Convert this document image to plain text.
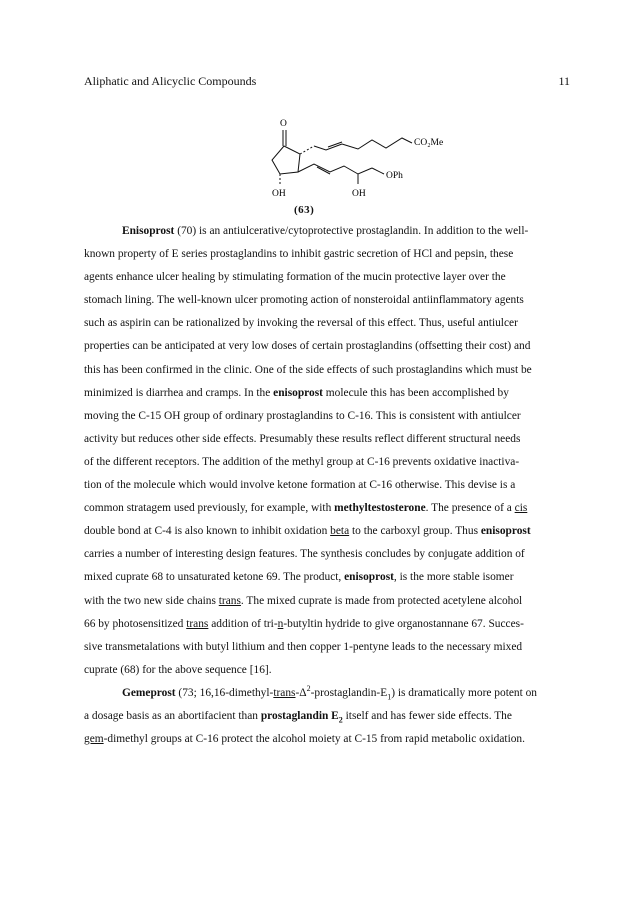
Aliphatic and Alicyclic Compounds	11
O
CO₂Me
OPh
OH	OH
(63)

Enisoprost (70) is an antiulcerative/cytoprotective prostaglandin. In addition to the well-
known property of E series prostaglandins to inhibit gastric secretion of HCl and pepsin, these
agents enhance ulcer healing by stimulating formation of the mucin protective layer over the
stomach lining. The well-known ulcer promoting action of nonsteroidal antiinflammatory agents
such as aspirin can be rationalized by invoking the reversal of this effect. Thus, useful antiulcer
properties can be anticipated at very low doses of certain prostaglandins (offsetting their cost) and
this has been confirmed in the clinic. One of the side effects of such prostaglandins which must be
minimized is diarrhea and cramps. In the enisoprost molecule this has been accomplished by
moving the C-15 OH group of ordinary prostaglandins to C-16. This is consistent with antiulcer
activity but reduces other side effects. Presumably these results reflect different structural needs
of the different receptors. The addition of the methyl group at C-16 prevents oxidative inactiva-
tion of the molecule which would involve ketone formation at C-16 otherwise. This devise is a
common stratagem used previously, for example, with methyltestosterone. The presence of a cis
double bond at C-4 is also known to inhibit oxidation beta to the carboxyl group. Thus enisoprost
carries a number of interesting design features. The synthesis concludes by conjugate addition of
mixed cuprate 68 to unsaturated ketone 69. The product, enisoprost, is the more stable isomer
with the two new side chains trans. The mixed cuprate is made from protected acetylene alcohol
66 by photosensitized trans addition of tri-n-butyltin hydride to give organostannane 67. Succes-
sive transmetalations with butyl lithium and then copper 1-pentyne leads to the necessary mixed
cuprate (68) for the above sequence [16].

Gemeprost (73; $16,16-dimethyl-trans-\Delta^2-prostaglandin-E_1$) is dramatically more potent on
a dosage basis as an abortifacient than prostaglandin $E_2$ itself and has fewer side effects. The
gem-dimethyl groups at C-16 protect the alcohol moiety at C-15 from rapid metabolic oxidation.
